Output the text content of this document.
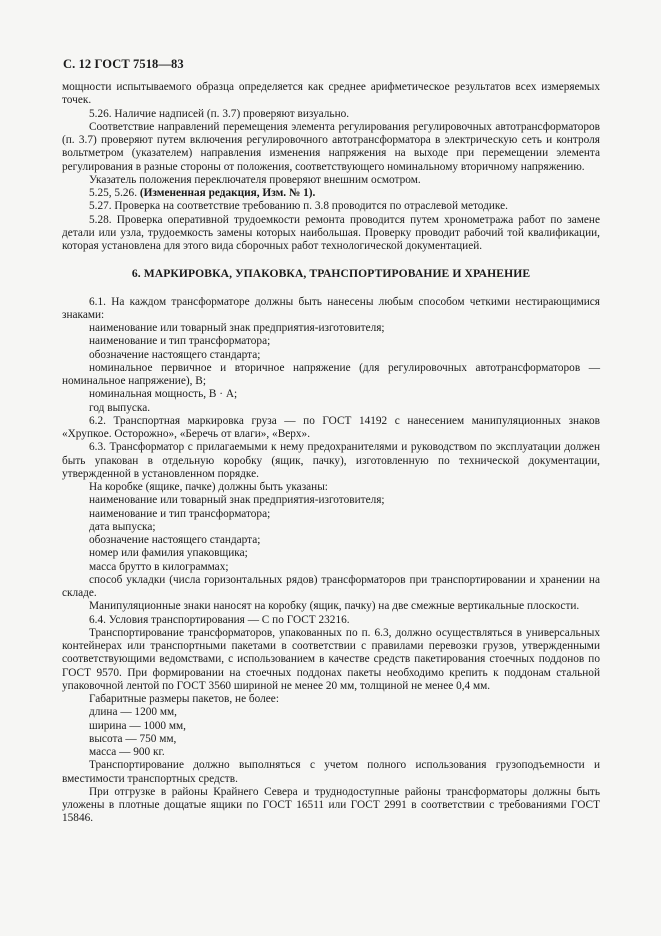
С. 12 ГОСТ 7518—83

мощности испытываемого образца определяется как среднее арифметическое результатов всех измеряемых точек.

5.26. Наличие надписей (п. 3.7) проверяют визуально.

Соответствие направлений перемещения элемента регулирования регулировочных автотрансформаторов (п. 3.7) проверяют путем включения регулировочного автотрансформатора в электрическую сеть и контроля вольтметром (указателем) направления изменения напряжения на выходе при перемещении элемента регулирования в разные стороны от положения, соответствующего номинальному вторичному напряжению.

Указатель положения переключателя проверяют внешним осмотром.

5.25, 5.26. (Измененная редакция, Изм. № 1).

5.27. Проверка на соответствие требованию п. 3.8 проводится по отраслевой методике.

5.28. Проверка оперативной трудоемкости ремонта проводится путем хронометража работ по замене детали или узла, трудоемкость замены которых наибольшая. Проверку проводит рабочий той квалификации, которая установлена для этого вида сборочных работ технологической документацией.

6. МАРКИРОВКА, УПАКОВКА, ТРАНСПОРТИРОВАНИЕ И ХРАНЕНИЕ

6.1. На каждом трансформаторе должны быть нанесены любым способом четкими нестирающимися знаками:

наименование или товарный знак предприятия-изготовителя;

наименование и тип трансформатора;

обозначение настоящего стандарта;

номинальное первичное и вторичное напряжение (для регулировочных автотрансформаторов — номинальное напряжение), В;

номинальная мощность, В · А;

год выпуска.

6.2. Транспортная маркировка груза — по ГОСТ 14192 с нанесением манипуляционных знаков «Хрупкое. Осторожно», «Беречь от влаги», «Верх».

6.3. Трансформатор с прилагаемыми к нему предохранителями и руководством по эксплуатации должен быть упакован в отдельную коробку (ящик, пачку), изготовленную по технической документации, утвержденной в установленном порядке.

На коробке (ящике, пачке) должны быть указаны:

наименование или товарный знак предприятия-изготовителя;

наименование и тип трансформатора;

дата выпуска;

обозначение настоящего стандарта;

номер или фамилия упаковщика;

масса брутто в килограммах;

способ укладки (числа горизонтальных рядов) трансформаторов при транспортировании и хранении на складе.

Манипуляционные знаки наносят на коробку (ящик, пачку) на две смежные вертикальные плоскости.

6.4. Условия транспортирования — С по ГОСТ 23216.

Транспортирование трансформаторов, упакованных по п. 6.3, должно осуществляться в универсальных контейнерах или транспортными пакетами в соответствии с правилами перевозки грузов, утвержденными соответствующими ведомствами, с использованием в качестве средств пакетирования стоечных поддонов по ГОСТ 9570. При формировании на стоечных поддонах пакеты необходимо крепить к поддонам стальной упаковочной лентой по ГОСТ 3560 шириной не менее 20 мм, толщиной не менее 0,4 мм.

Габаритные размеры пакетов, не более:

длина — 1200 мм,

ширина — 1000 мм,

высота — 750 мм,

масса — 900 кг.

Транспортирование должно выполняться с учетом полного использования грузоподъемности и вместимости транспортных средств.

При отгрузке в районы Крайнего Севера и труднодоступные районы трансформаторы должны быть уложены в плотные дощатые ящики по ГОСТ 16511 или ГОСТ 2991 в соответствии с требованиями ГОСТ 15846.
